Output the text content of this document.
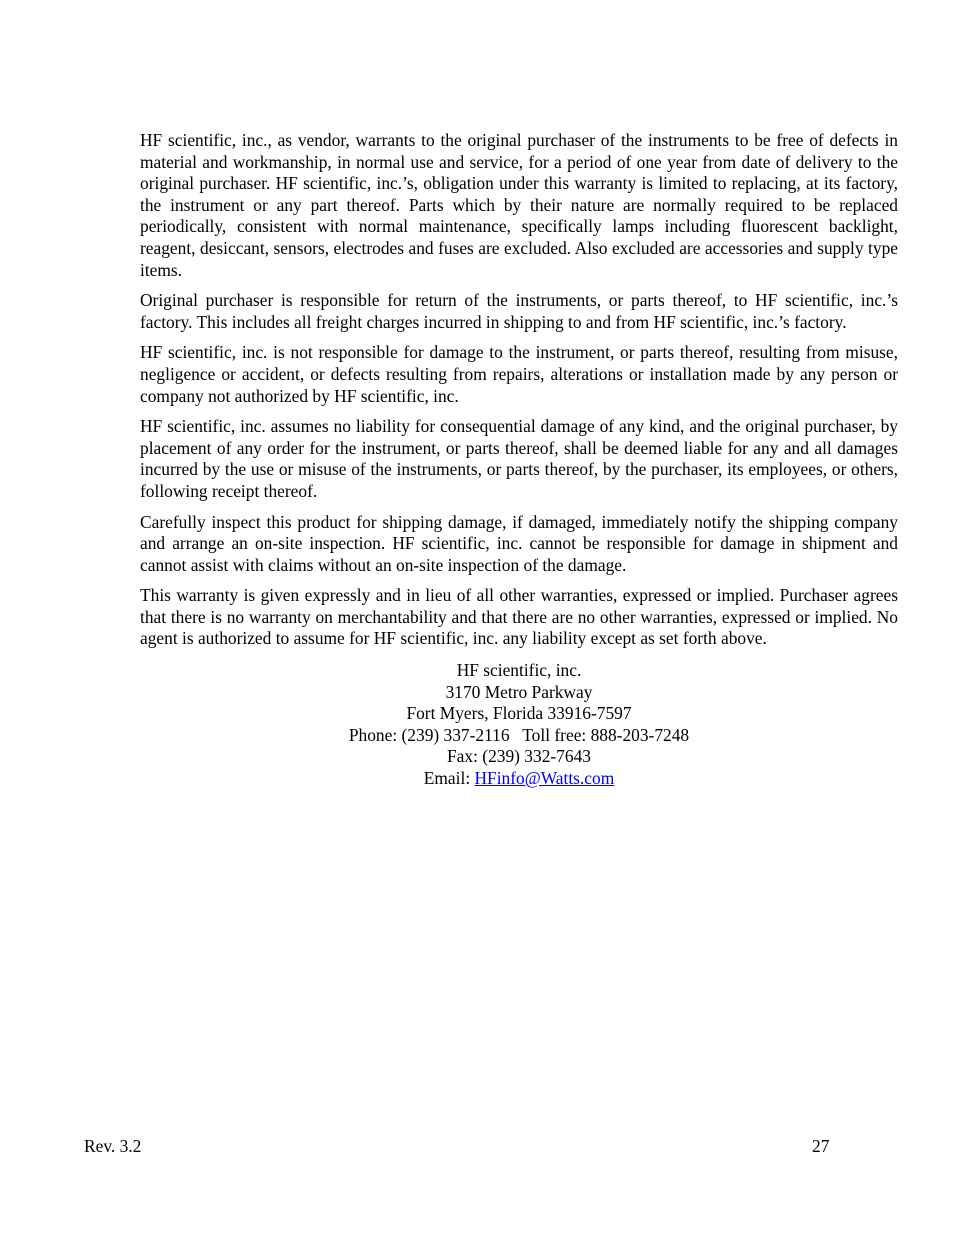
HF scientific, inc., as vendor, warrants to the original purchaser of the instruments to be free of defects in material and workmanship, in normal use and service, for a period of one year from date of delivery to the original purchaser. HF scientific, inc.’s, obligation under this warranty is limited to replacing, at its factory, the instrument or any part thereof. Parts which by their nature are normally required to be replaced periodically, consistent with normal maintenance, specifically lamps including fluorescent backlight, reagent, desiccant, sensors, electrodes and fuses are excluded. Also excluded are accessories and supply type items.

Original purchaser is responsible for return of the instruments, or parts thereof, to HF scientific, inc.’s factory. This includes all freight charges incurred in shipping to and from HF scientific, inc.’s factory.

HF scientific, inc. is not responsible for damage to the instrument, or parts thereof, resulting from misuse, negligence or accident, or defects resulting from repairs, alterations or installation made by any person or company not authorized by HF scientific, inc.

HF scientific, inc. assumes no liability for consequential damage of any kind, and the original purchaser, by placement of any order for the instrument, or parts thereof, shall be deemed liable for any and all damages incurred by the use or misuse of the instruments, or parts thereof, by the purchaser, its employees, or others, following receipt thereof.

Carefully inspect this product for shipping damage, if damaged, immediately notify the shipping company and arrange an on-site inspection. HF scientific, inc. cannot be responsible for damage in shipment and cannot assist with claims without an on-site inspection of the damage.

This warranty is given expressly and in lieu of all other warranties, expressed or implied. Purchaser agrees that there is no warranty on merchantability and that there are no other warranties, expressed or implied. No agent is authorized to assume for HF scientific, inc. any liability except as set forth above.

HF scientific, inc.
3170 Metro Parkway
Fort Myers, Florida 33916-7597
Phone: (239) 337-2116   Toll free: 888-203-7248
Fax: (239) 332-7643
Email: HFinfo@Watts.com
Rev. 3.2	27
